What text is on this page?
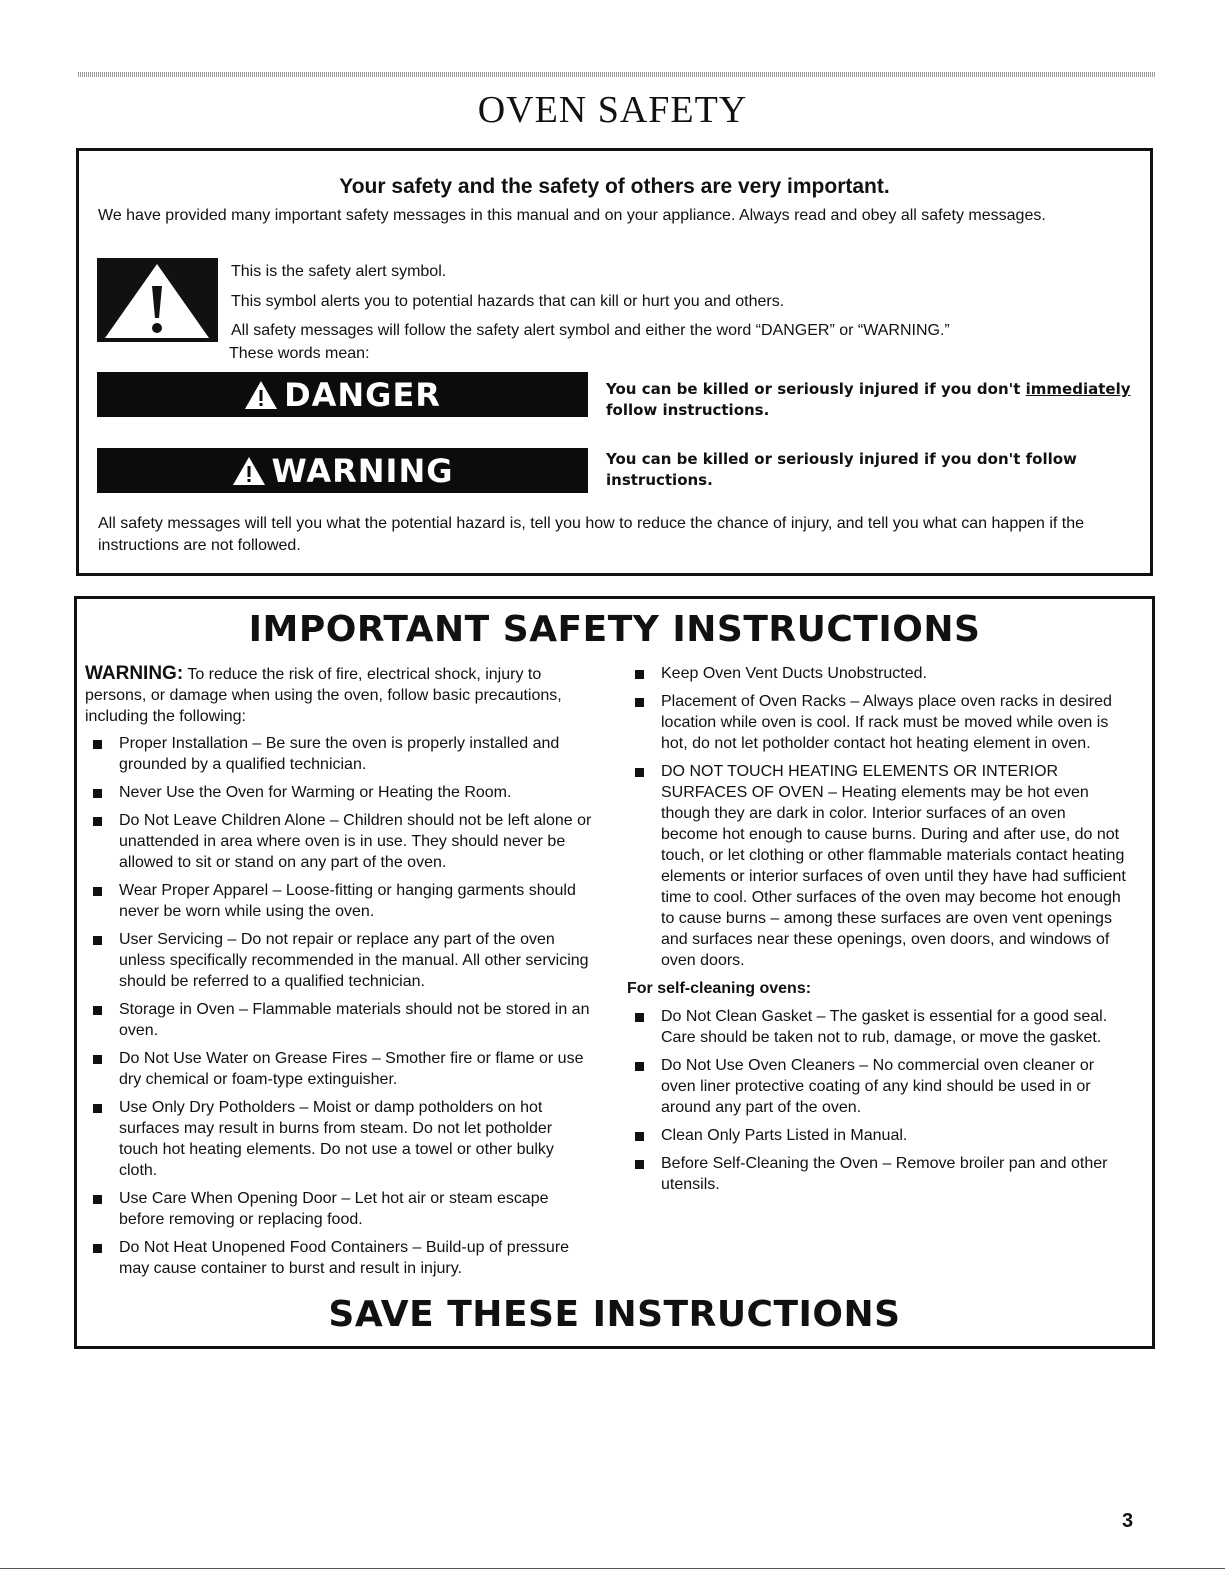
OVEN SAFETY
Your safety and the safety of others are very important.
We have provided many important safety messages in this manual and on your appliance. Always read and obey all safety messages.
This is the safety alert symbol.
This symbol alerts you to potential hazards that can kill or hurt you and others.
All safety messages will follow the safety alert symbol and either the word “DANGER” or “WARNING.”
These words mean:
DANGER	You can be killed or seriously injured if you don't immediately follow instructions.
WARNING	You can be killed or seriously injured if you don't follow instructions.
All safety messages will tell you what the potential hazard is, tell you how to reduce the chance of injury, and tell you what can happen if the instructions are not followed.
IMPORTANT SAFETY INSTRUCTIONS

WARNING: To reduce the risk of fire, electrical shock, injury to persons, or damage when using the oven, follow basic precautions, including the following:

Proper Installation – Be sure the oven is properly installed and grounded by a qualified technician.
Never Use the Oven for Warming or Heating the Room.
Do Not Leave Children Alone – Children should not be left alone or unattended in area where oven is in use. They should never be allowed to sit or stand on any part of the oven.
Wear Proper Apparel – Loose-fitting or hanging garments should never be worn while using the oven.
User Servicing – Do not repair or replace any part of the oven unless specifically recommended in the manual. All other servicing should be referred to a qualified technician.
Storage in Oven – Flammable materials should not be stored in an oven.
Do Not Use Water on Grease Fires – Smother fire or flame or use dry chemical or foam-type extinguisher.
Use Only Dry Potholders – Moist or damp potholders on hot surfaces may result in burns from steam. Do not let potholder touch hot heating elements. Do not use a towel or other bulky cloth.
Use Care When Opening Door – Let hot air or steam escape before removing or replacing food.
Do Not Heat Unopened Food Containers – Build-up of pressure may cause container to burst and result in injury.
Keep Oven Vent Ducts Unobstructed.
Placement of Oven Racks – Always place oven racks in desired location while oven is cool. If rack must be moved while oven is hot, do not let potholder contact hot heating element in oven.
DO NOT TOUCH HEATING ELEMENTS OR INTERIOR SURFACES OF OVEN – Heating elements may be hot even though they are dark in color. Interior surfaces of an oven become hot enough to cause burns. During and after use, do not touch, or let clothing or other flammable materials contact heating elements or interior surfaces of oven until they have had sufficient time to cool. Other surfaces of the oven may become hot enough to cause burns – among these surfaces are oven vent openings and surfaces near these openings, oven doors, and windows of oven doors.
For self-cleaning ovens:
Do Not Clean Gasket – The gasket is essential for a good seal. Care should be taken not to rub, damage, or move the gasket.
Do Not Use Oven Cleaners – No commercial oven cleaner or oven liner protective coating of any kind should be used in or around any part of the oven.
Clean Only Parts Listed in Manual.
Before Self-Cleaning the Oven – Remove broiler pan and other utensils.
SAVE THESE INSTRUCTIONS
3
